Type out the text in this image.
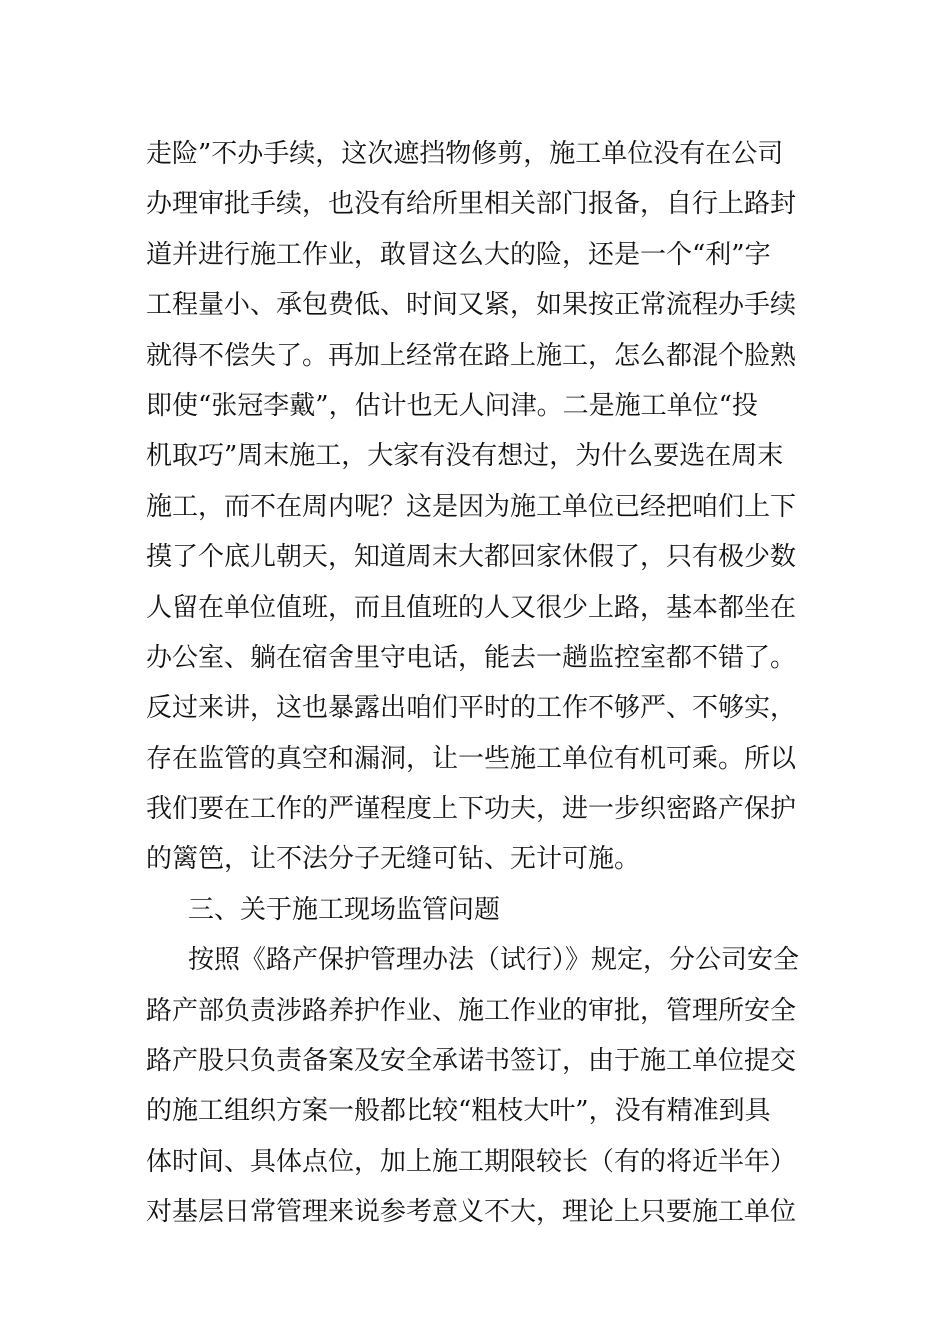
走险”不办手续，这次遮挡物修剪，施工单位没有在公司
办理审批手续，也没有给所里相关部门报备，自行上路封
道并进行施工作业，敢冒这么大的险，还是一个“利”字
工程量小、承包费低、时间又紧，如果按正常流程办手续
就得不偿失了。再加上经常在路上施工，怎么都混个脸熟
即使“张冠李戴”，估计也无人问津。二是施工单位“投
机取巧”周末施工，大家有没有想过，为什么要选在周末
施工，而不在周内呢？这是因为施工单位已经把咱们上下
摸了个底儿朝天，知道周末大都回家休假了，只有极少数
人留在单位值班，而且值班的人又很少上路，基本都坐在
办公室、躺在宿舍里守电话，能去一趟监控室都不错了。
反过来讲，这也暴露出咱们平时的工作不够严、不够实，
存在监管的真空和漏洞，让一些施工单位有机可乘。所以
我们要在工作的严谨程度上下功夫，进一步织密路产保护
的篱笆，让不法分子无缝可钻、无计可施。
三、关于施工现场监管问题
按照《路产保护管理办法（试行）》规定，分公司安全
路产部负责涉路养护作业、施工作业的审批，管理所安全
路产股只负责备案及安全承诺书签订，由于施工单位提交
的施工组织方案一般都比较“粗枝大叶”，没有精准到具
体时间、具体点位，加上施工期限较长（有的将近半年）
对基层日常管理来说参考意义不大，理论上只要施工单位
